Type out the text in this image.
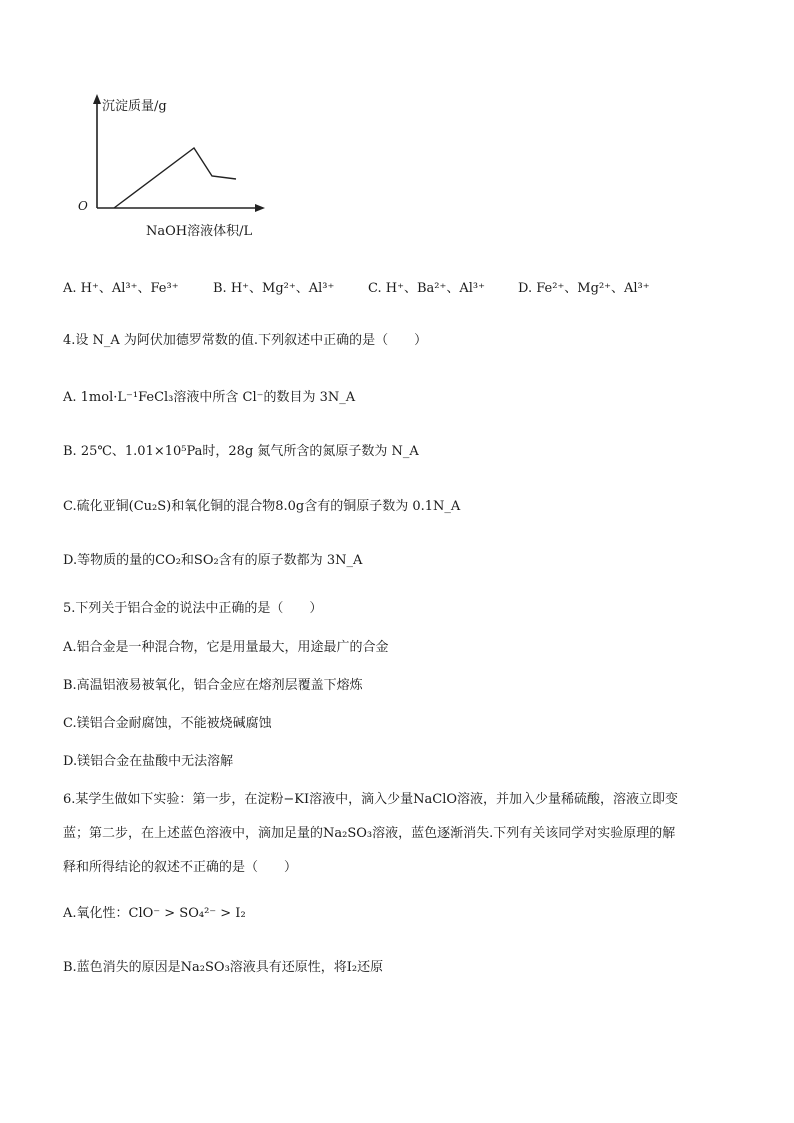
沉淀质量/g
O
NaOH溶液体积/L
A. H⁺、Al³⁺、Fe³⁺	B. H⁺、Mg²⁺、Al³⁺	C. H⁺、Ba²⁺、Al³⁺	D. Fe²⁺、Mg²⁺、Al³⁺
4.设 N_A 为阿伏加德罗常数的值.下列叙述中正确的是（　　）
A. 1mol·L⁻¹FeCl₃溶液中所含 Cl⁻的数目为 3N_A
B. 25℃、1.01×10⁵Pa时，28g 氮气所含的氮原子数为 N_A
C.硫化亚铜(Cu₂S)和氧化铜的混合物8.0g含有的铜原子数为 0.1N_A
D.等物质的量的CO₂和SO₂含有的原子数都为 3N_A
5.下列关于铝合金的说法中正确的是（　　）
A.铝合金是一种混合物，它是用量最大，用途最广的合金
B.高温铝液易被氧化，铝合金应在熔剂层覆盖下熔炼
C.镁铝合金耐腐蚀，不能被烧碱腐蚀
D.镁铝合金在盐酸中无法溶解
6.某学生做如下实验：第一步，在淀粉−KI溶液中，滴入少量NaClO溶液，并加入少量稀硫酸，溶液立即变
蓝；第二步，在上述蓝色溶液中，滴加足量的Na₂SO₃溶液，蓝色逐渐消失.下列有关该同学对实验原理的解
释和所得结论的叙述不正确的是（　　）
A.氧化性：ClO⁻ > SO₄²⁻ > I₂
B.蓝色消失的原因是Na₂SO₃溶液具有还原性，将I₂还原
